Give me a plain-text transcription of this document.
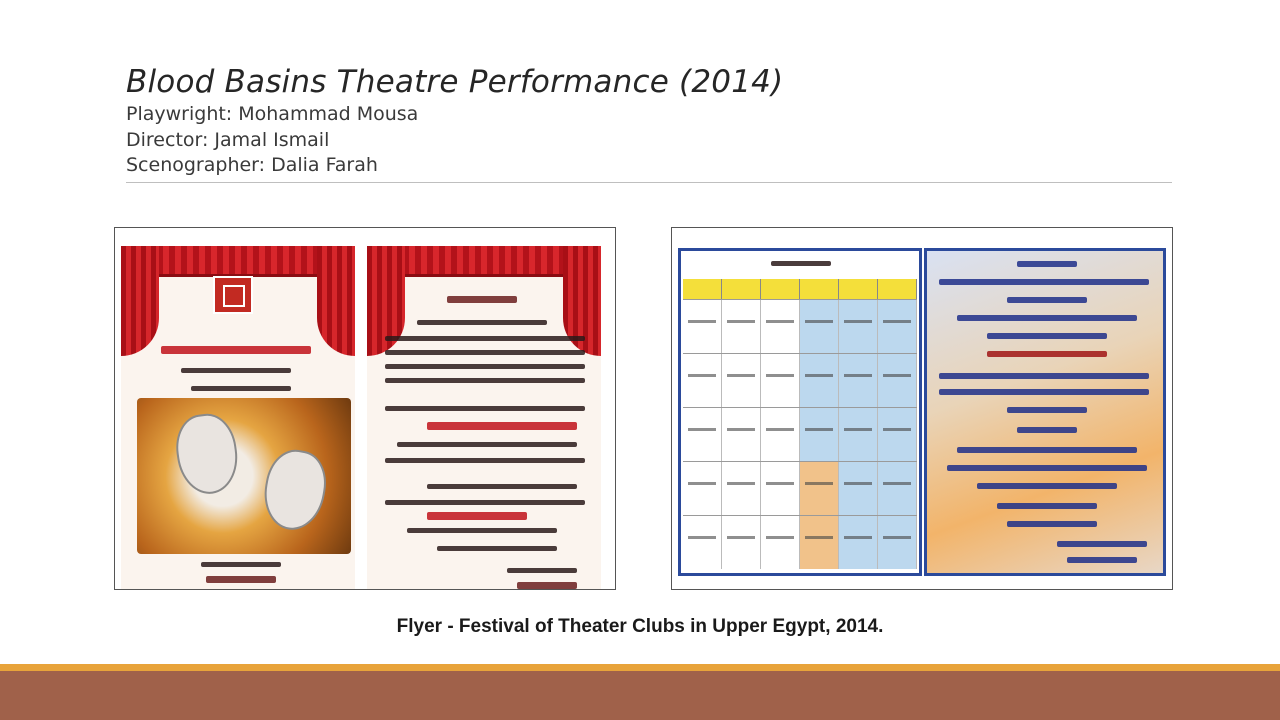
Blood Basins Theatre Performance (2014)

Playwright: Mohammad Mousa

Director: Jamal Ismail

Scenographer: Dalia Farah

Flyer - Festival of Theater Clubs in Upper Egypt, 2014.
